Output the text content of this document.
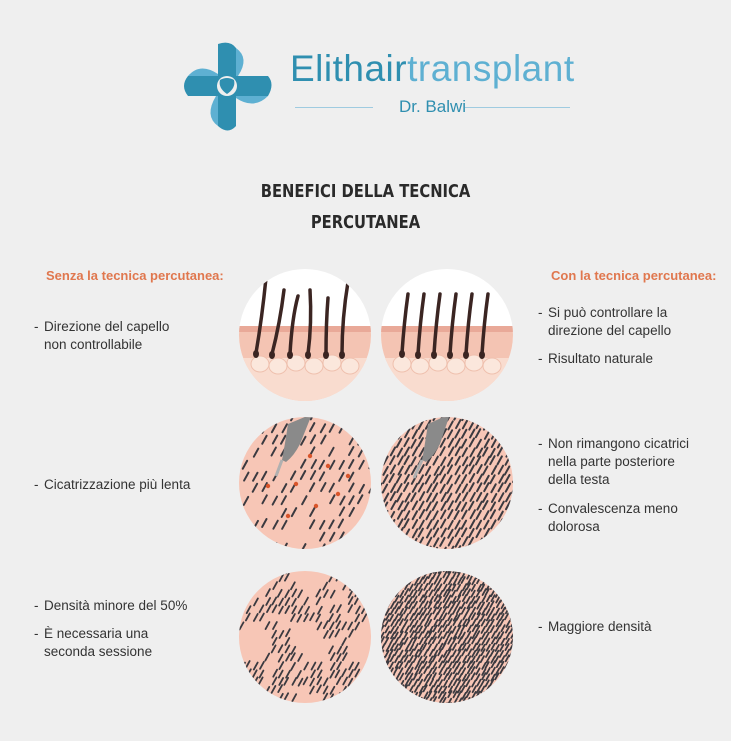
Elithairtransplant
Dr. Balwi
BENEFICI DELLA TECNICA
PERCUTANEA
Senza la tecnica percutanea:	Con la tecnica percutanea:
- Direzione del capello
non controllabile
- Cicatrizzazione più lenta
- Densità minore del 50%
- È necessaria una
seconda sessione
- Si può controllare la
direzione del capello
- Risultato naturale
- Non rimangono cicatrici
nella parte posteriore
della testa
- Convalescenza meno
dolorosa
- Maggiore densità
